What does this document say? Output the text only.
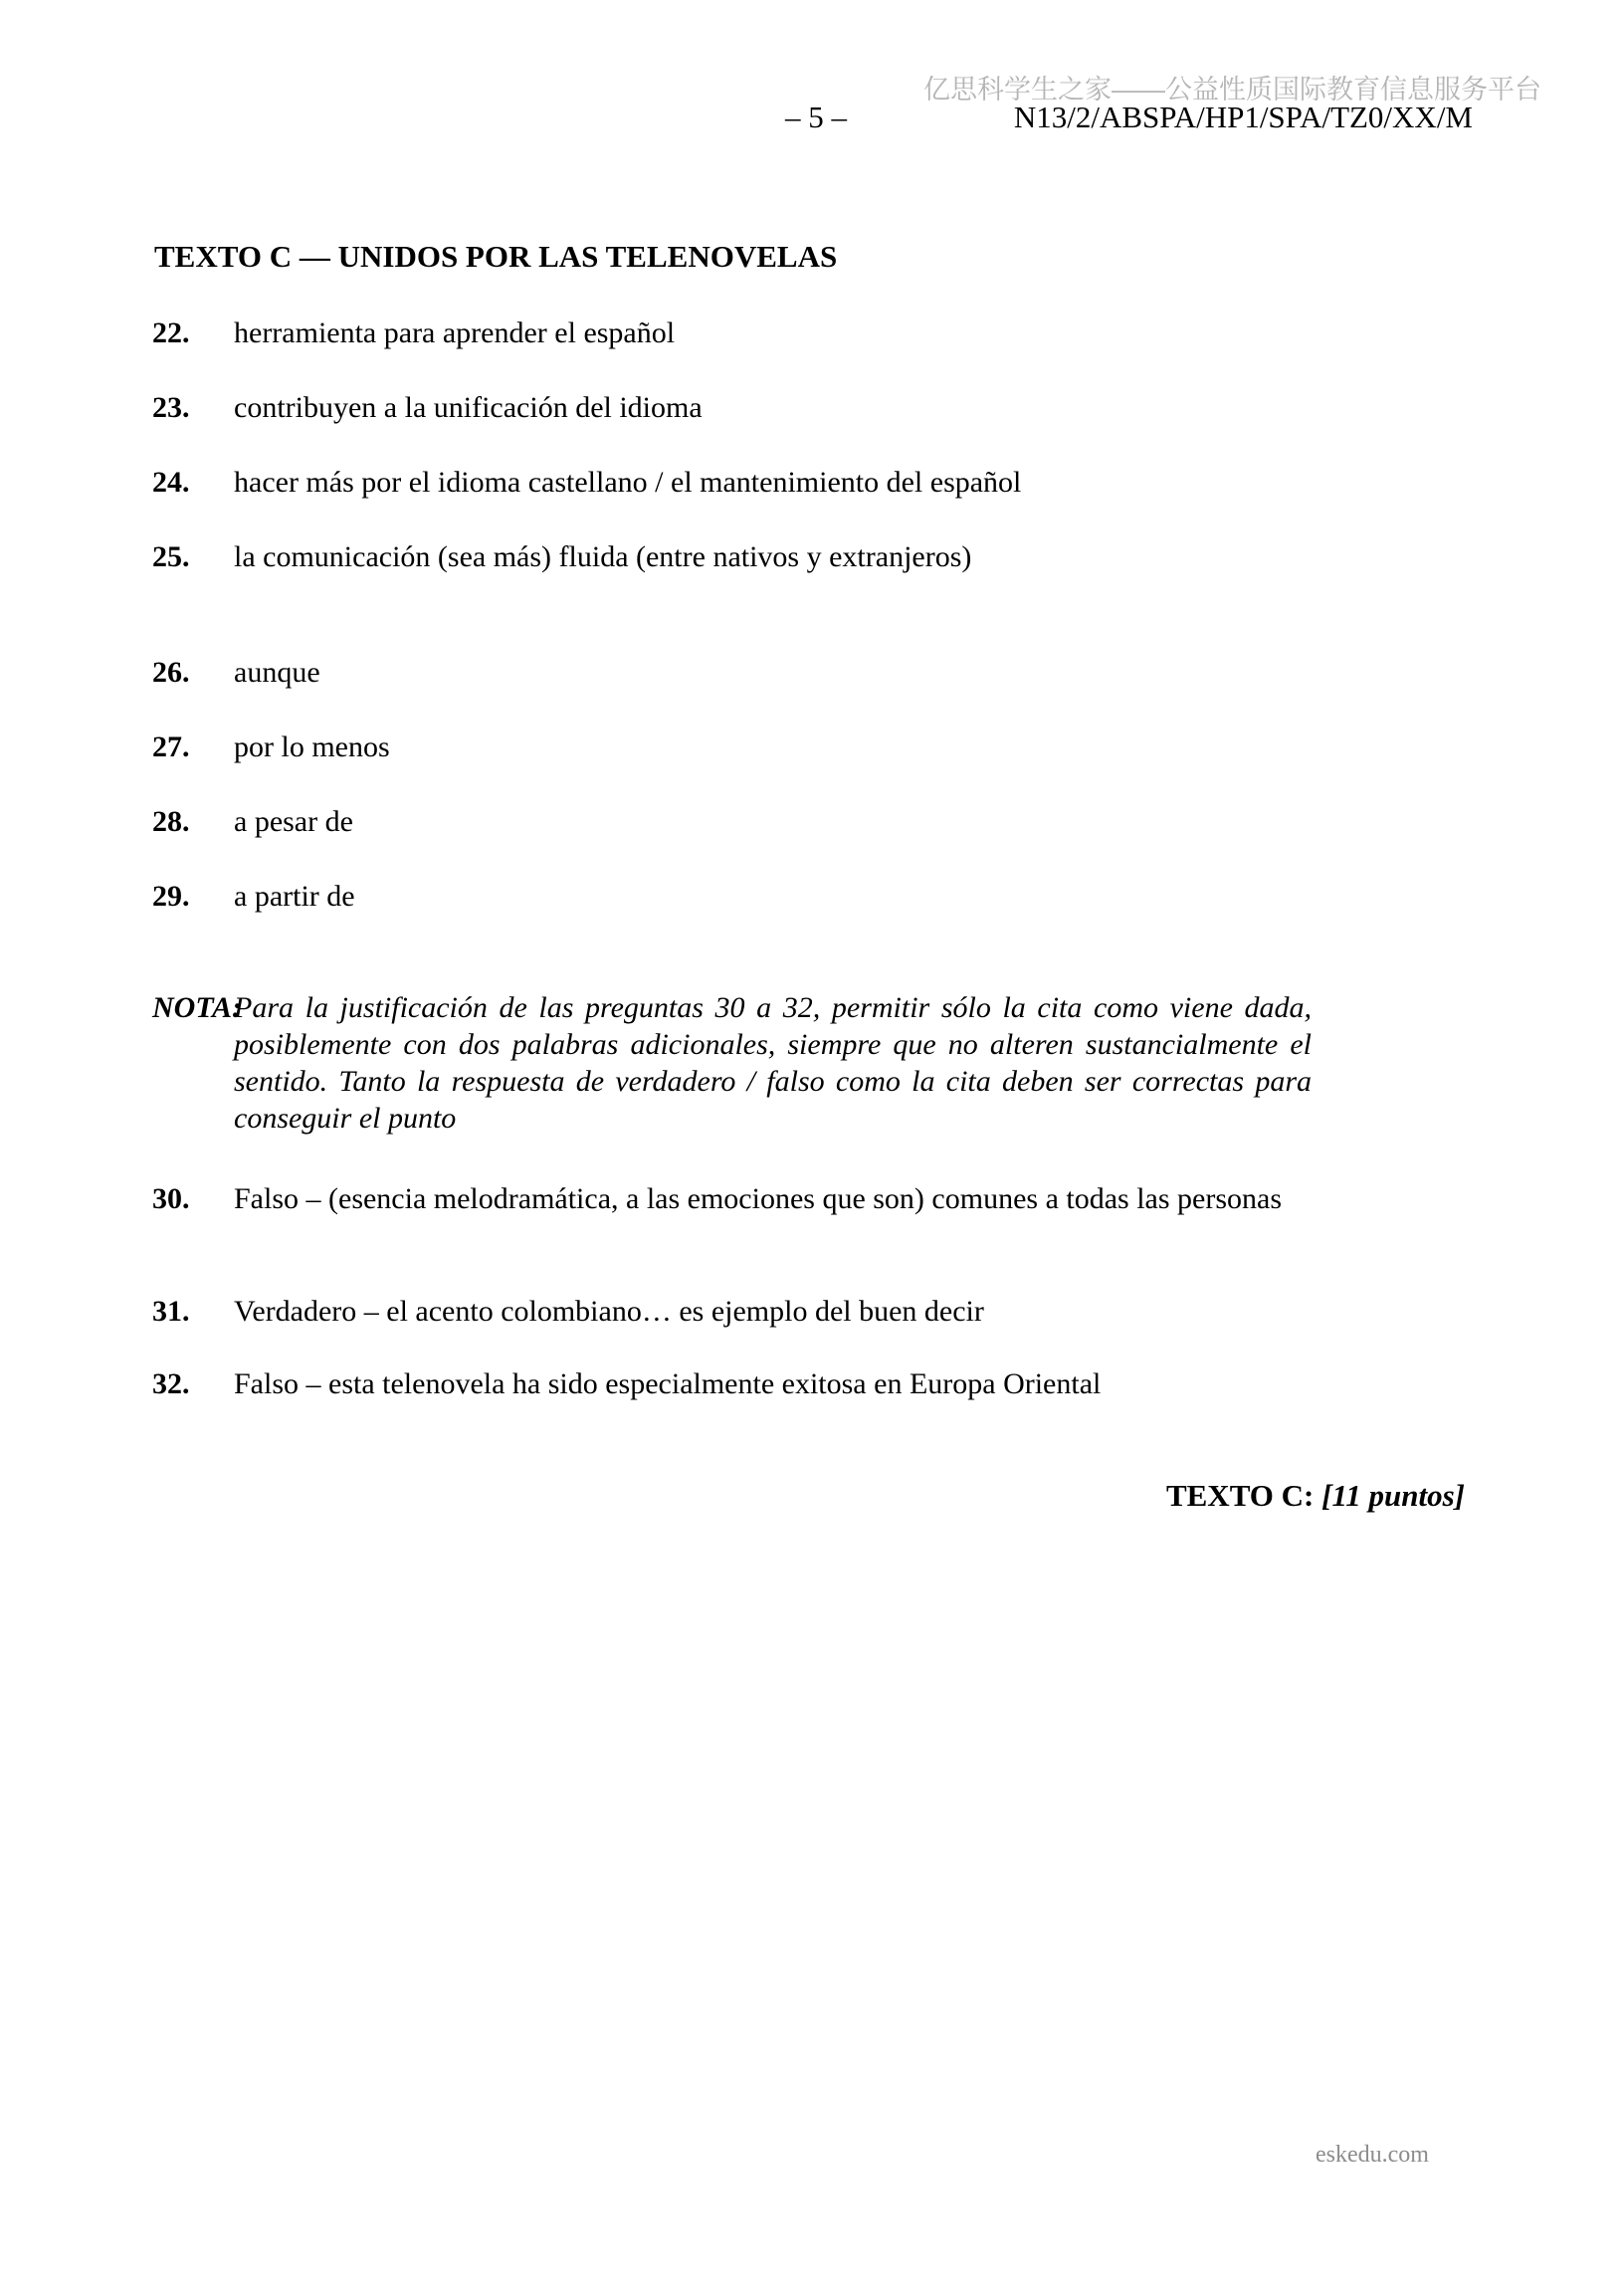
亿思科学生之家——公益性质国际教育信息服务平台
– 5 –	N13/2/ABSPA/HP1/SPA/TZ0/XX/M
TEXTO C — UNIDOS POR LAS TELENOVELAS
22.	herramienta para aprender el español
23.	contribuyen a la unificación del idioma
24.	hacer más por el idioma castellano / el mantenimiento del español
25.	la comunicación (sea más) fluida (entre nativos y extranjeros)
26.	aunque
27.	por lo menos
28.	a pesar de
29.	a partir de
NOTA:
Para la justificación de las preguntas 30 a 32, permitir sólo la cita como viene dada, posiblemente con dos palabras adicionales, siempre que no alteren sustancialmente el sentido. Tanto la respuesta de verdadero / falso como la cita deben ser correctas para conseguir el punto
30.	Falso – (esencia melodramática, a las emociones que son) comunes a todas las personas
31.	Verdadero – el acento colombiano… es ejemplo del buen decir
32.	Falso – esta telenovela ha sido especialmente exitosa en Europa Oriental
TEXTO C: [11 puntos]
eskedu.com
